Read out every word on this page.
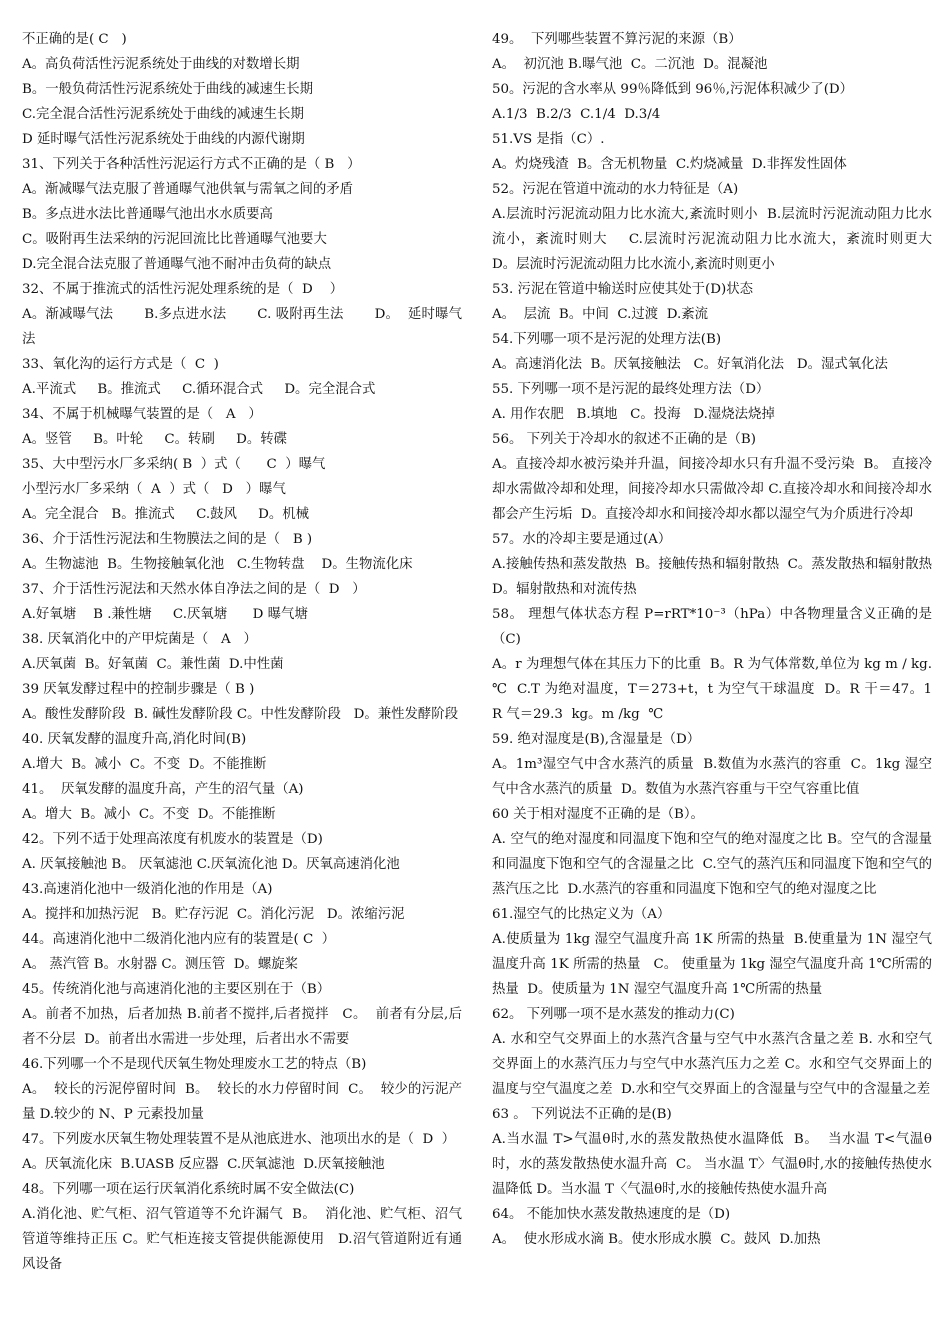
不正确的是( C   )
A。高负荷活性污泥系统处于曲线的对数增长期
B。一般负荷活性污泥系统处于曲线的减速生长期
C.完全混合活性污泥系统处于曲线的减速生长期
D 延时曝气活性污泥系统处于曲线的内源代谢期
31、下列关于各种活性污泥运行方式不正确的是（ B   ）
A。渐减曝气法克服了普通曝气池供氧与需氧之间的矛盾
B。多点进水法比普通曝气池出水水质要高
C。吸附再生法采纳的污泥回流比比普通曝气池要大
D.完全混合法克服了普通曝气池不耐冲击负荷的缺点
32、不属于推流式的活性污泥处理系统的是（  D    ）
A。渐减曝气法       B.多点进水法       C. 吸附再生法       D。  延时曝气法
33、氧化沟的运行方式是（  C  )
A.平流式     B。推流式     C.循环混合式     D。完全混合式
34、不属于机械曝气装置的是（   A   ）
A。竖管     B。叶轮     C。转刷     D。转碟
35、大中型污水厂多采纳( B  ）式（      C  ）曝气
小型污水厂多采纳（  A  ）式（   D   ）曝气
A。完全混合   B。推流式     C.鼓风     D。机械
36、介于活性污泥法和生物膜法之间的是（   B )
A。生物滤池  B。生物接触氧化池   C.生物转盘    D。生物流化床
37、介于活性污泥法和天然水体自净法之间的是（  D   ）
A.好氧塘    B .兼性塘     C.厌氧塘      D 曝气塘
38. 厌氧消化中的产甲烷菌是（   A   ）
A.厌氧菌  B。好氧菌  C。兼性菌  D.中性菌
39 厌氧发酵过程中的控制步骤是（ B )
A。酸性发酵阶段  B. 碱性发酵阶段 C。中性发酵阶段   D。兼性发酵阶段
40. 厌氧发酵的温度升高,消化时间(B)
A.增大  B。减小  C。不变  D。不能推断
41。  厌氧发酵的温度升高，产生的沼气量（A)
A。增大  B。减小  C。不变  D。不能推断
42。下列不适于处理高浓度有机废水的装置是（D)
A. 厌氧接触池 B。 厌氧滤池 C.厌氧流化池 D。厌氧高速消化池
43.高速消化池中一级消化池的作用是（A)
A。搅拌和加热污泥   B。贮存污泥  C。消化污泥   D。浓缩污泥
44。高速消化池中二级消化池内应有的装置是( C  ）
A。 蒸汽管 B。水射器 C。测压管  D。螺旋桨
45。传统消化池与高速消化池的主要区别在于（B）
A。前者不加热，后者加热 B.前者不搅拌,后者搅拌   C。  前者有分层,后者不分层  D。前者出水需进一步处理，后者出水不需要
46.下列哪一个不是现代厌氧生物处理废水工艺的特点（B)
A。  较长的污泥停留时间  B。  较长的水力停留时间  C。  较少的污泥产量 D.较少的 N、P 元素投加量
47。下列废水厌氧生物处理装置不是从池底进水、池项出水的是（  D  ）
A。厌氧流化床  B.UASB 反应器  C.厌氧滤池  D.厌氧接触池
48。下列哪一项在运行厌氧消化系统时属不安全做法(C)
A.消化池、贮气柜、沼气管道等不允许漏气  B。  消化池、贮气柜、沼气管道等维持正压 C。贮气柜连接支管提供能源使用   D.沼气管道附近有通风设备
49。  下列哪些装置不算污泥的来源（B）
A。  初沉池 B.曝气池  C。二沉池  D。混凝池
50。污泥的含水率从 99％降低到 96％,污泥体积减少了(D）
A.1/3  B.2/3  C.1/4  D.3/4
51.VS 是指（C）.
A。灼烧残渣  B。含无机物量  C.灼烧减量  D.非挥发性固体
52。污泥在管道中流动的水力特征是（A)
A.层流时污泥流动阻力比水流大,紊流时则小  B.层流时污泥流动阻力比水流小，紊流时则大    C.层流时污泥流动阻力比水流大，紊流时则更大   D。层流时污泥流动阻力比水流小,紊流时则更小
53. 污泥在管道中输送时应使其处于(D)状态
A。  层流  B。中间  C.过渡  D.紊流
54.下列哪一项不是污泥的处理方法(B)
A。高速消化法  B。厌氧接触法   C。好氧消化法   D。湿式氧化法
55. 下列哪一项不是污泥的最终处理方法（D）
A. 用作农肥   B.填地   C。投海   D.湿烧法烧掉
56。 下列关于冷却水的叙述不正确的是（B)
A。直接冷却水被污染并升温，间接冷却水只有升温不受污染  B。 直接冷却水需做冷却和处理，间接冷却水只需做冷却 C.直接冷却水和间接冷却水都会产生污垢  D。直接冷却水和间接冷却水都以湿空气为介质进行冷却
57。水的冷却主要是通过(A）
A.接触传热和蒸发散热  B。接触传热和辐射散热  C。蒸发散热和辐射散热  D。辐射散热和对流传热
58。 理想气体状态方程 P=rRT*10⁻³（hPa）中各物理量含义正确的是（C)
A。r 为理想气体在其压力下的比重  B。R 为气体常数,单位为 kg m / kg.℃  C.T 为绝对温度，T＝273+t，t 为空气干球温度  D。R 干＝47。1   R 气＝29.3  kg。m /kg  ℃
59. 绝对湿度是(B),含湿量是（D）
A。1m³湿空气中含水蒸汽的质量  B.数值为水蒸汽的容重  C。1kg 湿空气中含水蒸汽的质量  D。数值为水蒸汽容重与干空气容重比值
60 关于相对湿度不正确的是（B）。
A. 空气的绝对湿度和同温度下饱和空气的绝对湿度之比 B。空气的含湿量和同温度下饱和空气的含湿量之比  C.空气的蒸汽压和同温度下饱和空气的蒸汽压之比  D.水蒸汽的容重和同温度下饱和空气的绝对湿度之比
61.湿空气的比热定义为（A）
A.使质量为 1kg 湿空气温度升高 1K 所需的热量  B.使重量为 1N 湿空气温度升高 1K 所需的热量   C。 使重量为 1kg 湿空气温度升高 1℃所需的热量  D。使质量为 1N 湿空气温度升高 1℃所需的热量
62。 下列哪一项不是水蒸发的推动力(C)
A. 水和空气交界面上的水蒸汽含量与空气中水蒸汽含量之差 B. 水和空气交界面上的水蒸汽压力与空气中水蒸汽压力之差 C。水和空气交界面上的温度与空气温度之差  D.水和空气交界面上的含湿量与空气中的含湿量之差
63 。 下列说法不正确的是(B)
A.当水温 T>气温θ时,水的蒸发散热使水温降低  B。  当水温 T<气温θ时，水的蒸发散热使水温升高  C。 当水温 T〉气温θ时,水的接触传热使水温降低 D。当水温 T〈气温θ时,水的接触传热使水温升高
64。 不能加快水蒸发散热速度的是（D)
A。  使水形成水滴 B。使水形成水膜  C。鼓风  D.加热
